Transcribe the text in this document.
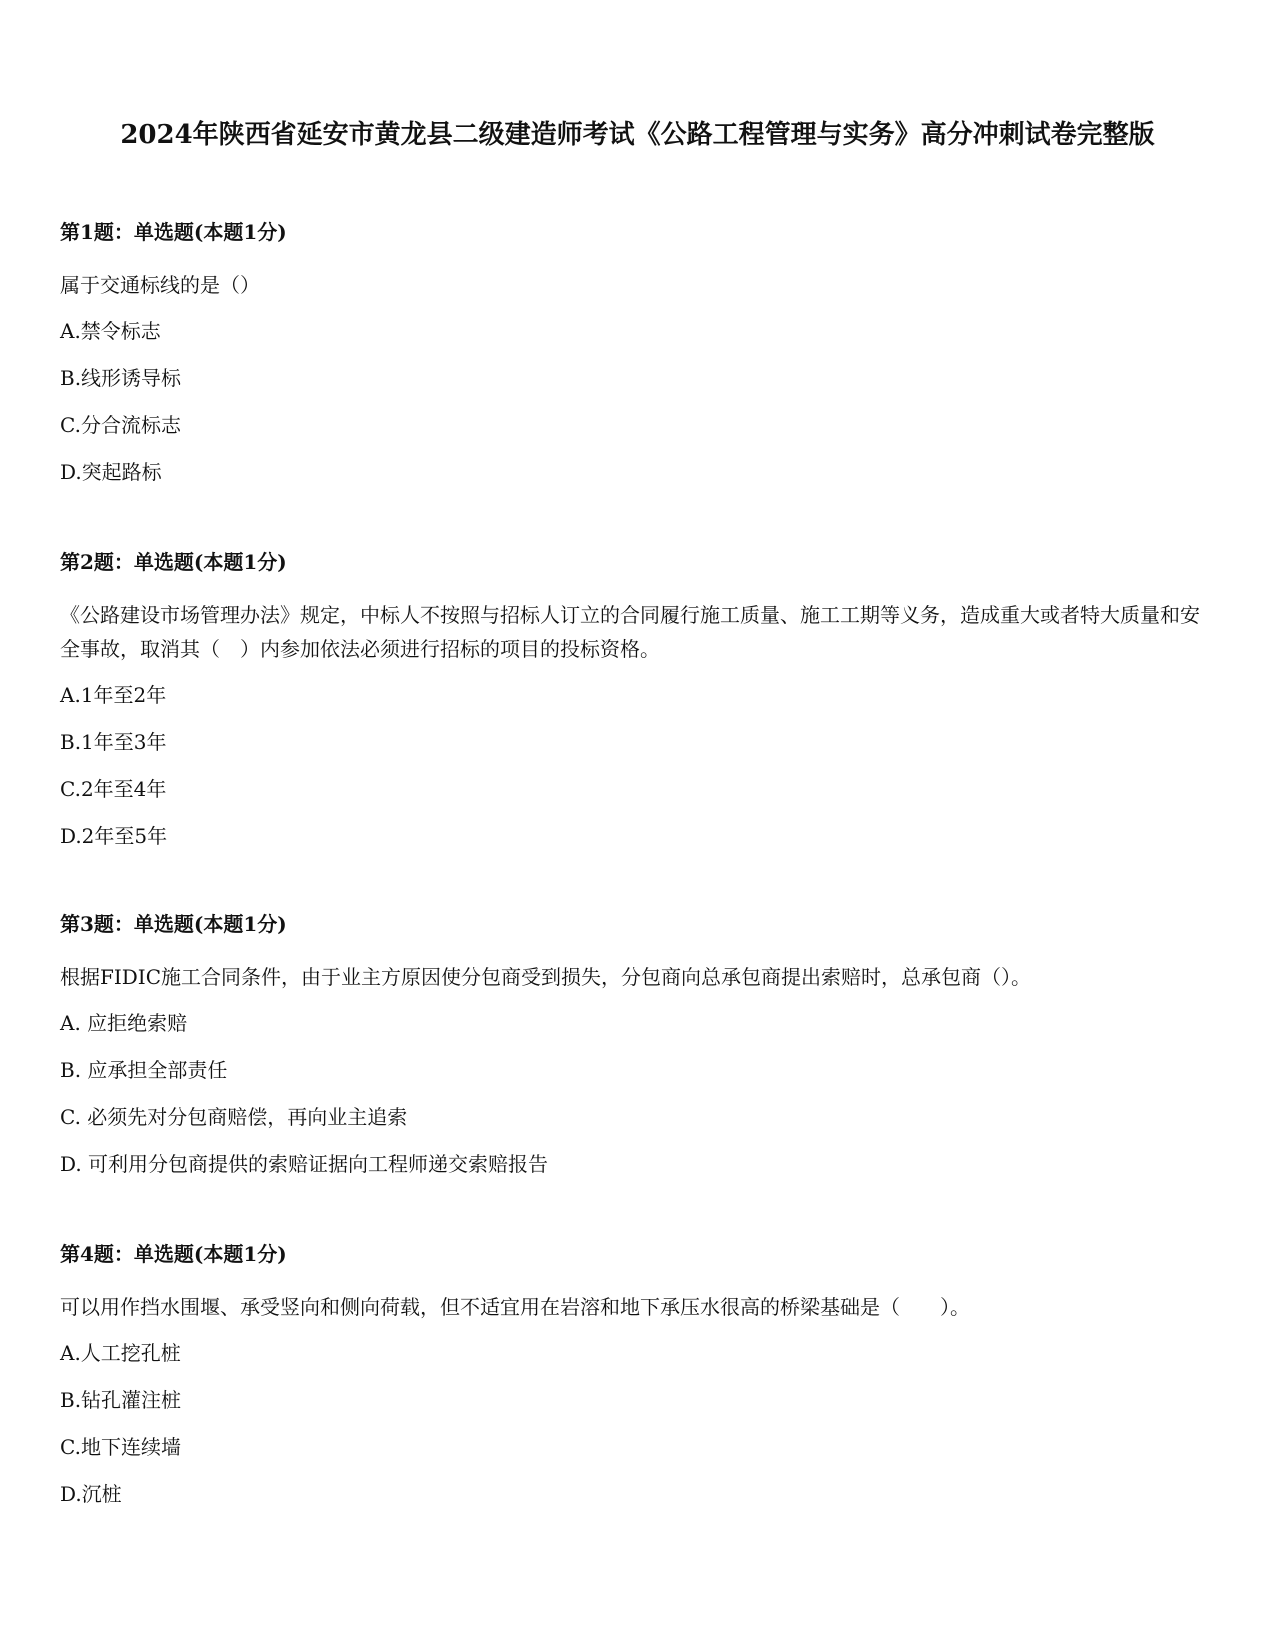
2024年陕西省延安市黄龙县二级建造师考试《公路工程管理与实务》高分冲刺试卷完整版
第1题：单选题(本题1分)
属于交通标线的是（）
A.禁令标志
B.线形诱导标
C.分合流标志
D.突起路标
第2题：单选题(本题1分)
《公路建设市场管理办法》规定，中标人不按照与招标人订立的合同履行施工质量、施工工期等义务，造成重大或者特大质量和安全事故，取消其（　）内参加依法必须进行招标的项目的投标资格。
A.1年至2年
B.1年至3年
C.2年至4年
D.2年至5年
第3题：单选题(本题1分)
根据FIDIC施工合同条件，由于业主方原因使分包商受到损失，分包商向总承包商提出索赔时，总承包商（）。
A. 应拒绝索赔
B. 应承担全部责任
C. 必须先对分包商赔偿，再向业主追索
D. 可利用分包商提供的索赔证据向工程师递交索赔报告
第4题：单选题(本题1分)
可以用作挡水围堰、承受竖向和侧向荷载，但不适宜用在岩溶和地下承压水很高的桥梁基础是（　　）。
A.人工挖孔桩
B.钻孔灌注桩
C.地下连续墙
D.沉桩
